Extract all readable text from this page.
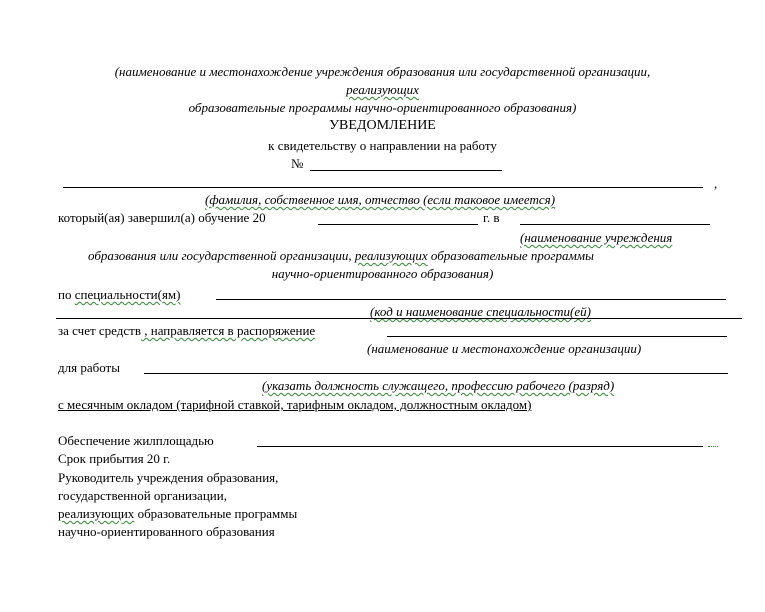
(наименование и местонахождение учреждения образования или государственной организации,
реализующих
образовательные программы научно-ориентированного образования)
УВЕДОМЛЕНИЕ
к свидетельству о направлении на работу
№
,
(фамилия, собственное имя, отчество (если таковое имеется)
который(ая) завершил(а) обучение 20	г. в
(наименование учреждения
образования или государственной организации, реализующих образовательные программы
научно-ориентированного образования)
по специальности(ям)
(код и наименование специальности(ей)
за счет средств , направляется в распоряжение
(наименование и местонахождение организации)
для работы
(указать должность служащего, профессию рабочего (разряд)
с месячным окладом (тарифной ставкой, тарифным окладом, должностным окладом)
Обеспечение жилплощадью
Срок прибытия 20 г.
Руководитель учреждения образования,
государственной организации,
реализующих образовательные программы
научно-ориентированного образования
